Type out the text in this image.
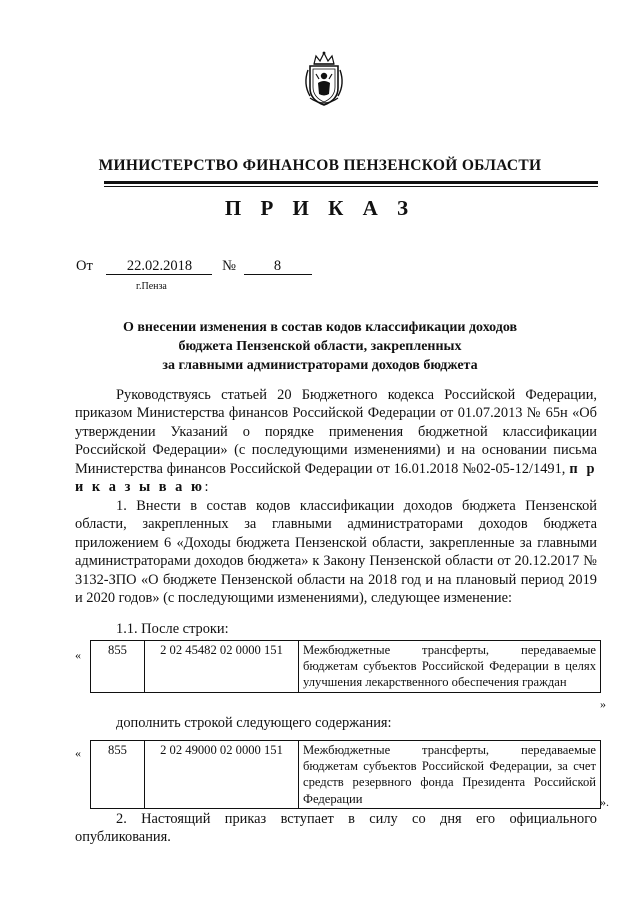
МИНИСТЕРСТВО ФИНАНСОВ ПЕНЗЕНСКОЙ ОБЛАСТИ
П Р И К А З
От 22.02.2018 №	8
г.Пенза
О внесении изменения в состав кодов классификации доходов
бюджета Пензенской области, закрепленных
за главными администраторами доходов бюджета

Руководствуясь статьей 20 Бюджетного кодекса Российской Федерации, приказом Министерства финансов Российской Федерации от 01.07.2013 № 65н «Об утверждении Указаний о порядке применения бюджетной классификации Российской Федерации» (с последующими изменениями) и на основании письма Министерства финансов Российской Федерации от 16.01.2018 №02-05-12/1491, п р и к а з ы в а ю:

1. Внести в состав кодов классификации доходов бюджета Пензенской области, закрепленных за главными администраторами доходов бюджета приложением 6 «Доходы бюджета Пензенской области, закрепленные за главными администраторами доходов бюджета» к Закону Пензенской области от 20.12.2017 № 3132-ЗПО «О бюджете Пензенской области на 2018 год и на плановый период 2019 и 2020 годов» (с последующими изменениями), следующее изменение:

1.1. После строки:

« 855	2 02 45482 02 0000 151	Межбюджетные трансферты, передаваемые бюджетам субъектов Российской Федерации в целях улучшения лекарственного обеспечения граждан
»

дополнить строкой следующего содержания:

« 855	2 02 49000 02 0000 151	Межбюджетные трансферты, передаваемые бюджетам субъектов Российской Федерации, за счет средств резервного фонда Президента Российской Федерации	».

2. Настоящий приказ вступает в силу со дня его официального опубликования.
